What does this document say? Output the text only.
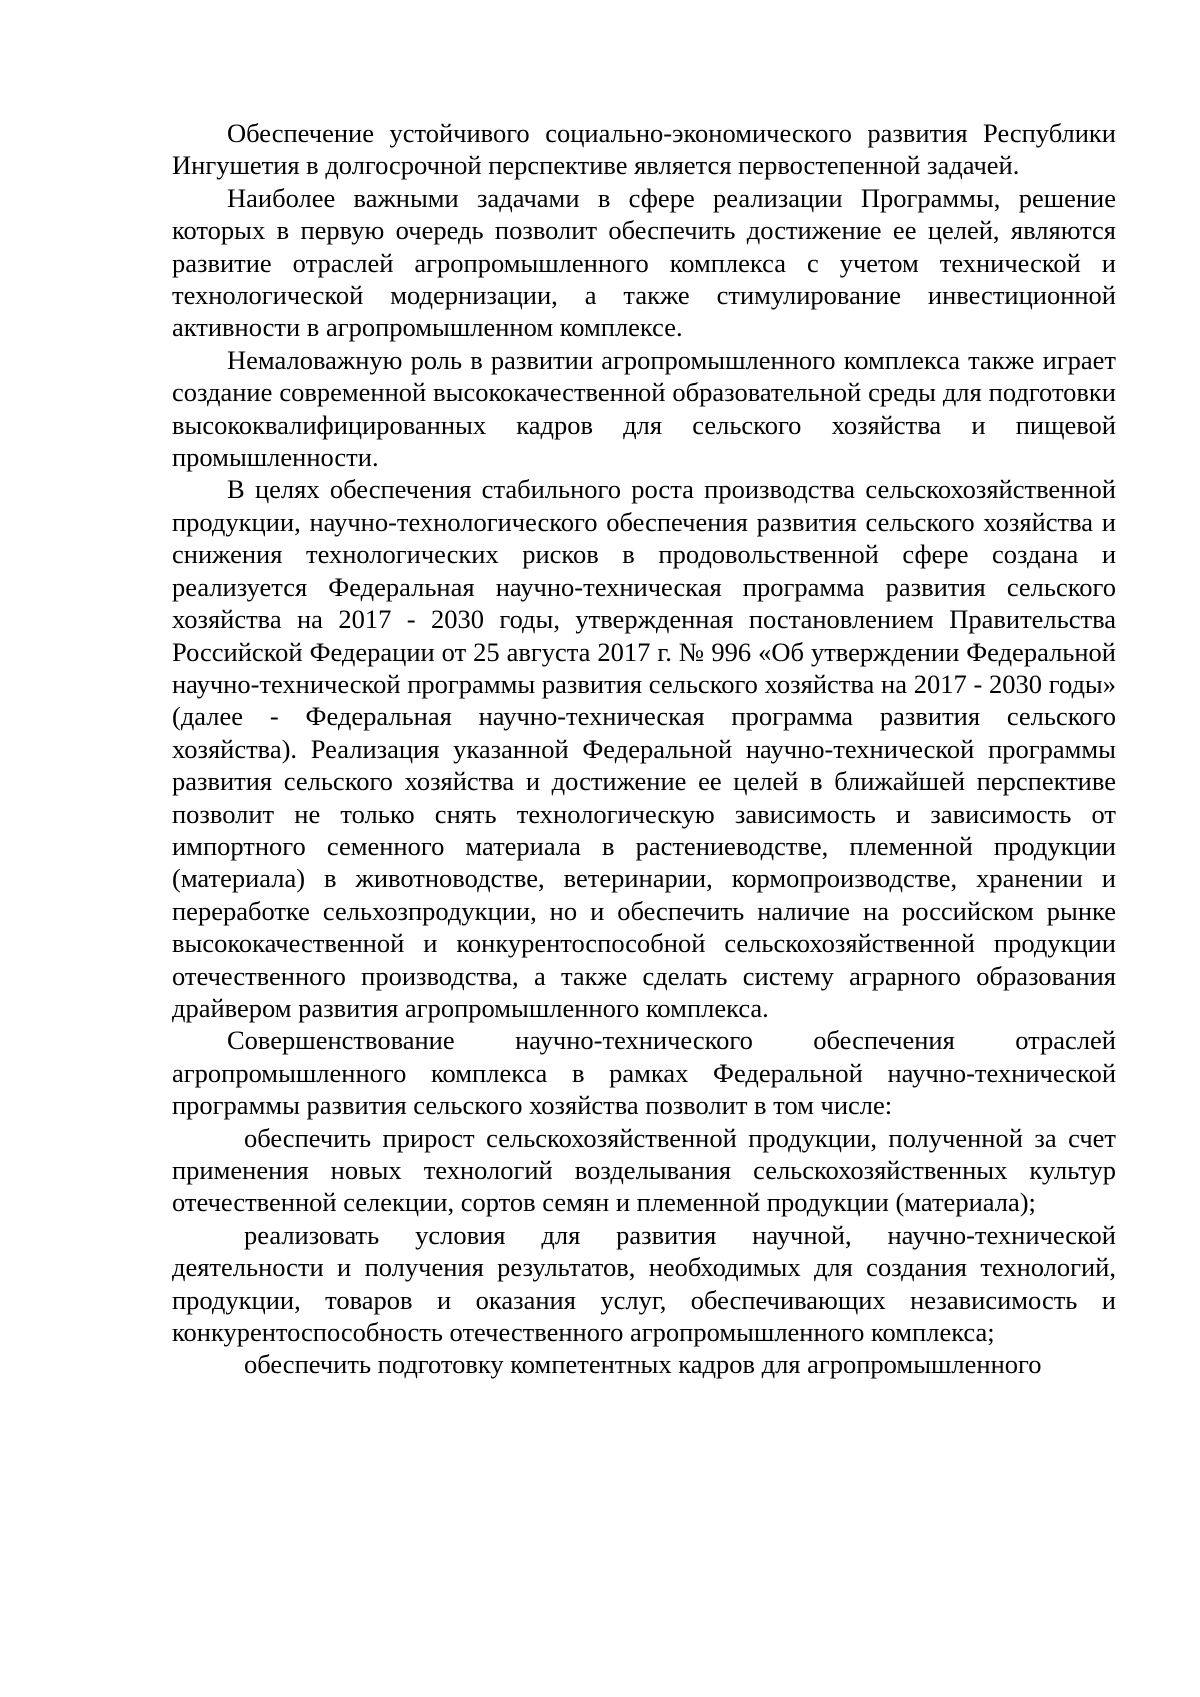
Обеспечение устойчивого социально-экономического развития Республики Ингушетия в долгосрочной перспективе является первостепенной задачей.

Наиболее важными задачами в сфере реализации Программы, решение которых в первую очередь позволит обеспечить достижение ее целей, являются развитие отраслей агропромышленного комплекса с учетом технической и технологической модернизации, а также стимулирование инвестиционной активности в агропромышленном комплексе.

Немаловажную роль в развитии агропромышленного комплекса также играет создание современной высококачественной образовательной среды для подготовки высококвалифицированных кадров для сельского хозяйства и пищевой промышленности.

В целях обеспечения стабильного роста производства сельскохозяйственной продукции, научно-технологического обеспечения развития сельского хозяйства и снижения технологических рисков в продовольственной сфере создана и реализуется Федеральная научно-техническая программа развития сельского хозяйства на 2017 - 2030 годы, утвержденная постановлением Правительства Российской Федерации от 25 августа 2017 г. № 996 «Об утверждении Федеральной научно-технической программы развития сельского хозяйства на 2017 - 2030 годы» (далее - Федеральная научно-техническая программа развития сельского хозяйства). Реализация указанной Федеральной научно-технической программы развития сельского хозяйства и достижение ее целей в ближайшей перспективе позволит не только снять технологическую зависимость и зависимость от импортного семенного материала в растениеводстве, племенной продукции (материала) в животноводстве, ветеринарии, кормопроизводстве, хранении и переработке сельхозпродукции, но и обеспечить наличие на российском рынке высококачественной и конкурентоспособной сельскохозяйственной продукции отечественного производства, а также сделать систему аграрного образования драйвером развития агропромышленного комплекса.

Совершенствование научно-технического обеспечения отраслей агропромышленного комплекса в рамках Федеральной научно-технической программы развития сельского хозяйства позволит в том числе:

обеспечить прирост сельскохозяйственной продукции, полученной за счет применения новых технологий возделывания сельскохозяйственных культур отечественной селекции, сортов семян и племенной продукции (материала);

реализовать условия для развития научной, научно-технической деятельности и получения результатов, необходимых для создания технологий, продукции, товаров и оказания услуг, обеспечивающих независимость и конкурентоспособность отечественного агропромышленного комплекса;

обеспечить подготовку компетентных кадров для агропромышленного
